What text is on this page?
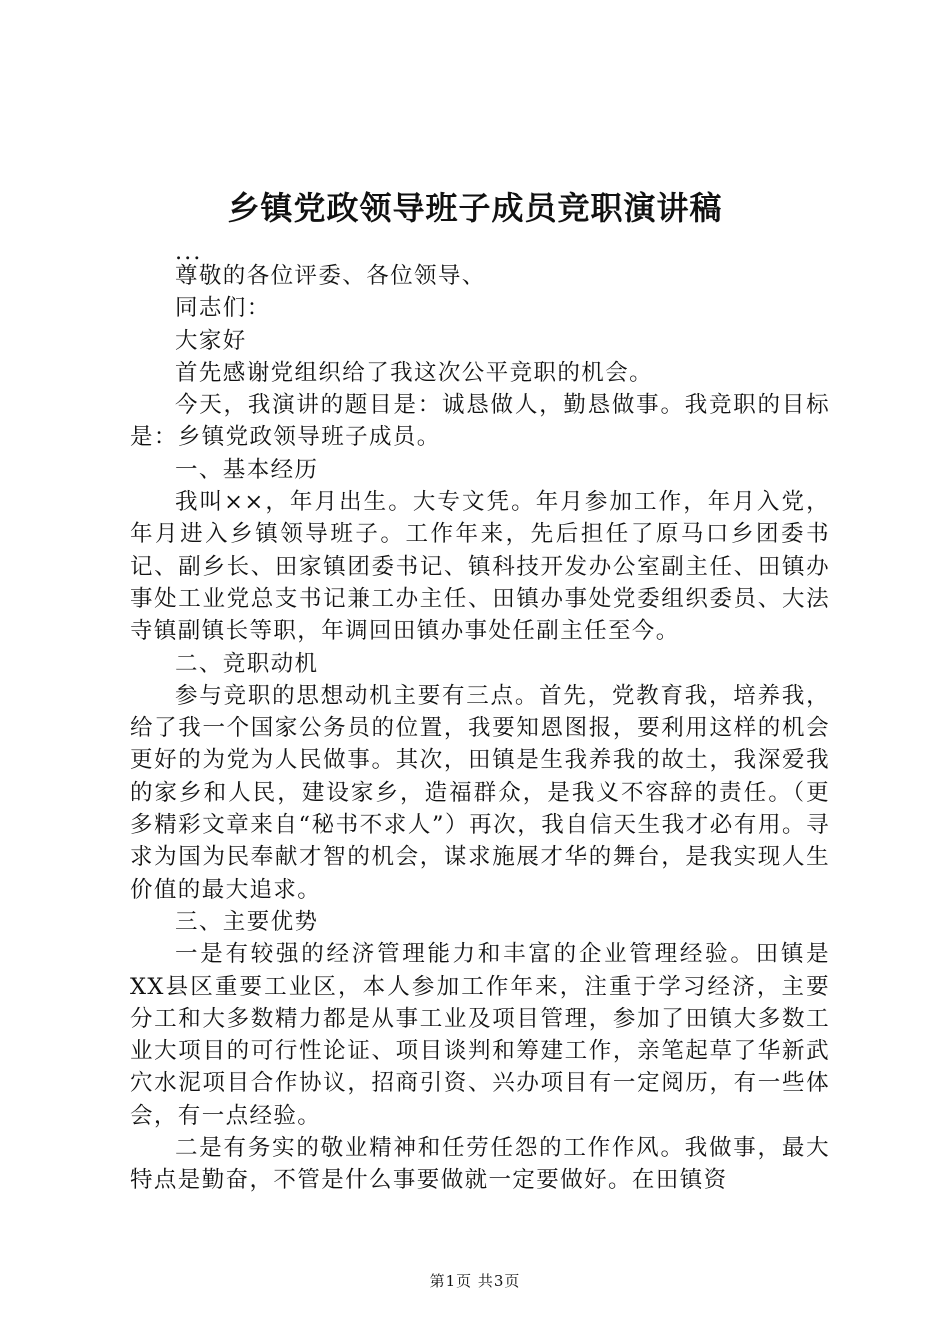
乡镇党政领导班子成员竞职演讲稿

...

尊敬的各位评委、各位领导、

同志们：

大家好

首先感谢党组织给了我这次公平竞职的机会。

今天，我演讲的题目是：诚恳做人，勤恳做事。我竞职的目标是：乡镇党政领导班子成员。

一、基本经历

我叫××，年月出生。大专文凭。年月参加工作，年月入党，年月进入乡镇领导班子。工作年来，先后担任了原马口乡团委书记、副乡长、田家镇团委书记、镇科技开发办公室副主任、田镇办事处工业党总支书记兼工办主任、田镇办事处党委组织委员、大法寺镇副镇长等职，年调回田镇办事处任副主任至今。

二、竞职动机

参与竞职的思想动机主要有三点。首先，党教育我，培养我，给了我一个国家公务员的位置，我要知恩图报，要利用这样的机会更好的为党为人民做事。其次，田镇是生我养我的故土，我深爱我的家乡和人民，建设家乡，造福群众，是我义不容辞的责任。（更多精彩文章来自“秘书不求人”）再次，我自信天生我才必有用。寻求为国为民奉献才智的机会，谋求施展才华的舞台，是我实现人生价值的最大追求。

三、主要优势

一是有较强的经济管理能力和丰富的企业管理经验。田镇是XX县区重要工业区，本人参加工作年来，注重于学习经济，主要分工和大多数精力都是从事工业及项目管理，参加了田镇大多数工业大项目的可行性论证、项目谈判和筹建工作，亲笔起草了华新武穴水泥项目合作协议，招商引资、兴办项目有一定阅历，有一些体会，有一点经验。

二是有务实的敬业精神和任劳任怨的工作作风。我做事，最大特点是勤奋，不管是什么事要做就一定要做好。在田镇资

第1页 共3页
